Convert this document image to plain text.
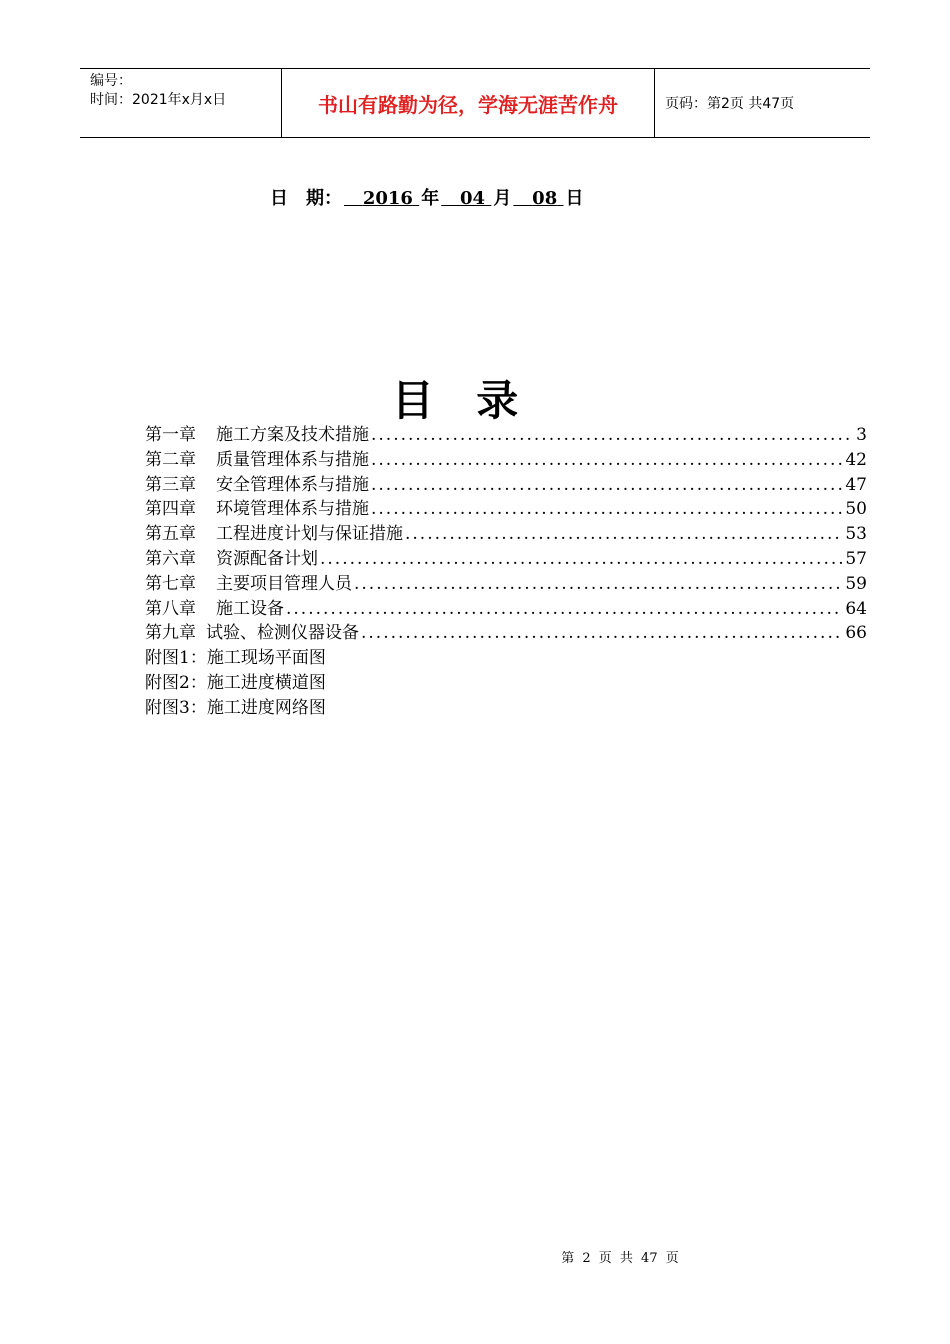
编号：
时间：2021年x月x日	书山有路勤为径，学海无涯苦作舟	页码：第2页 共47页
日　期： 2016 年 04 月 08 日
目 录
第一章 施工方案及技术措施 .....	3
第二章 质量管理体系与措施 .....	42
第三章 安全管理体系与措施 .....	47
第四章 环境管理体系与措施 .....	50
第五章 工程进度计划与保证措施 .....	53
第六章 资源配备计划 .....	57
第七章 主要项目管理人员 .....	59
第八章 施工设备 .....	64
第九章 试验、检测仪器设备 .....	66
附图1：施工现场平面图
附图2：施工进度横道图
附图3：施工进度网络图
第 2 页 共 47 页
